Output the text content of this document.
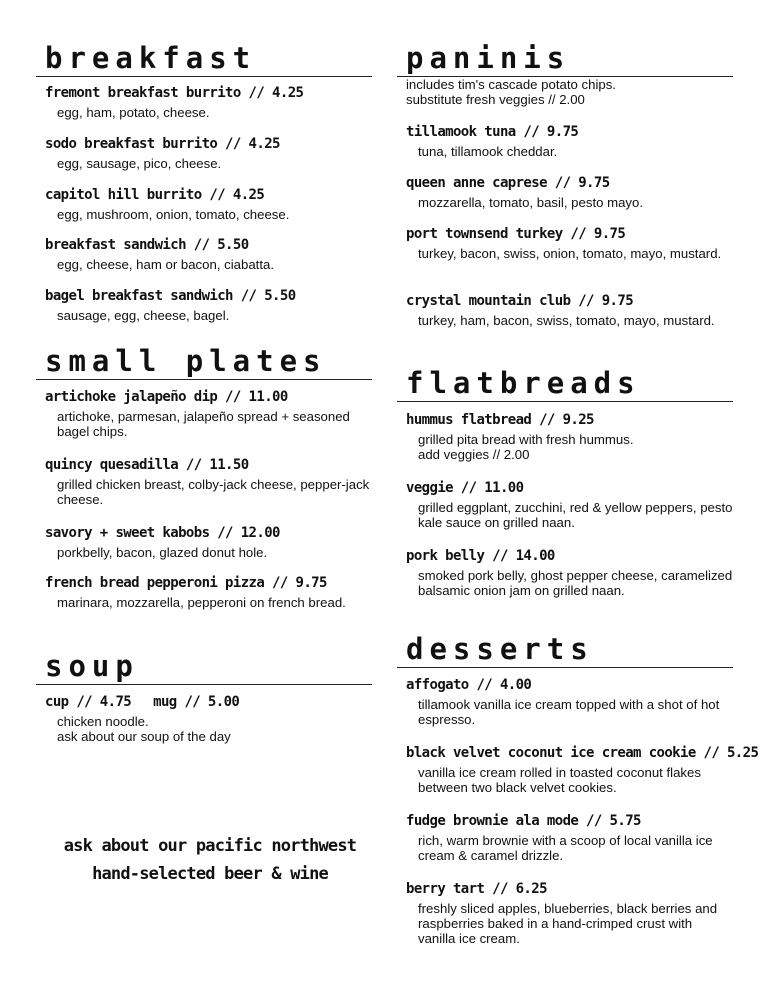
breakfast
fremont breakfast burrito // 4.25
egg, ham, potato, cheese.
sodo breakfast burrito // 4.25
egg, sausage, pico, cheese.
capitol hill burrito // 4.25
egg, mushroom, onion, tomato, cheese.
breakfast sandwich // 5.50
egg, cheese, ham or bacon, ciabatta.
bagel breakfast sandwich // 5.50
sausage, egg, cheese, bagel.
small plates
artichoke jalapeño dip // 11.00
artichoke, parmesan, jalapeño spread + seasoned bagel chips.
quincy quesadilla // 11.50
grilled chicken breast, colby-jack cheese, pepper-jack cheese.
savory + sweet kabobs // 12.00
porkbelly, bacon, glazed donut hole.
french bread pepperoni pizza // 9.75
marinara, mozzarella, pepperoni on french bread.
soup
cup // 4.75 mug // 5.00
chicken noodle.
ask about our soup of the day
ask about our pacific northwest
hand-selected beer & wine
paninis
includes tim's cascade potato chips.
substitute fresh veggies // 2.00
tillamook tuna // 9.75
tuna, tillamook cheddar.
queen anne caprese // 9.75
mozzarella, tomato, basil, pesto mayo.
port townsend turkey // 9.75
turkey, bacon, swiss, onion, tomato, mayo, mustard.
crystal mountain club // 9.75
turkey, ham, bacon, swiss, tomato, mayo, mustard.
flatbreads
hummus flatbread // 9.25
grilled pita bread with fresh hummus.
add veggies // 2.00
veggie // 11.00
grilled eggplant, zucchini, red & yellow peppers, pesto kale sauce on grilled naan.
pork belly // 14.00
smoked pork belly, ghost pepper cheese, caramelized balsamic onion jam on grilled naan.
desserts
affogato // 4.00
tillamook vanilla ice cream topped with a shot of hot espresso.
black velvet coconut ice cream cookie // 5.25
vanilla ice cream rolled in toasted coconut flakes between two black velvet cookies.
fudge brownie ala mode // 5.75
rich, warm brownie with a scoop of local vanilla ice cream & caramel drizzle.
berry tart // 6.25
freshly sliced apples, blueberries, black berries and raspberries baked in a hand-crimped crust with vanilla ice cream.
